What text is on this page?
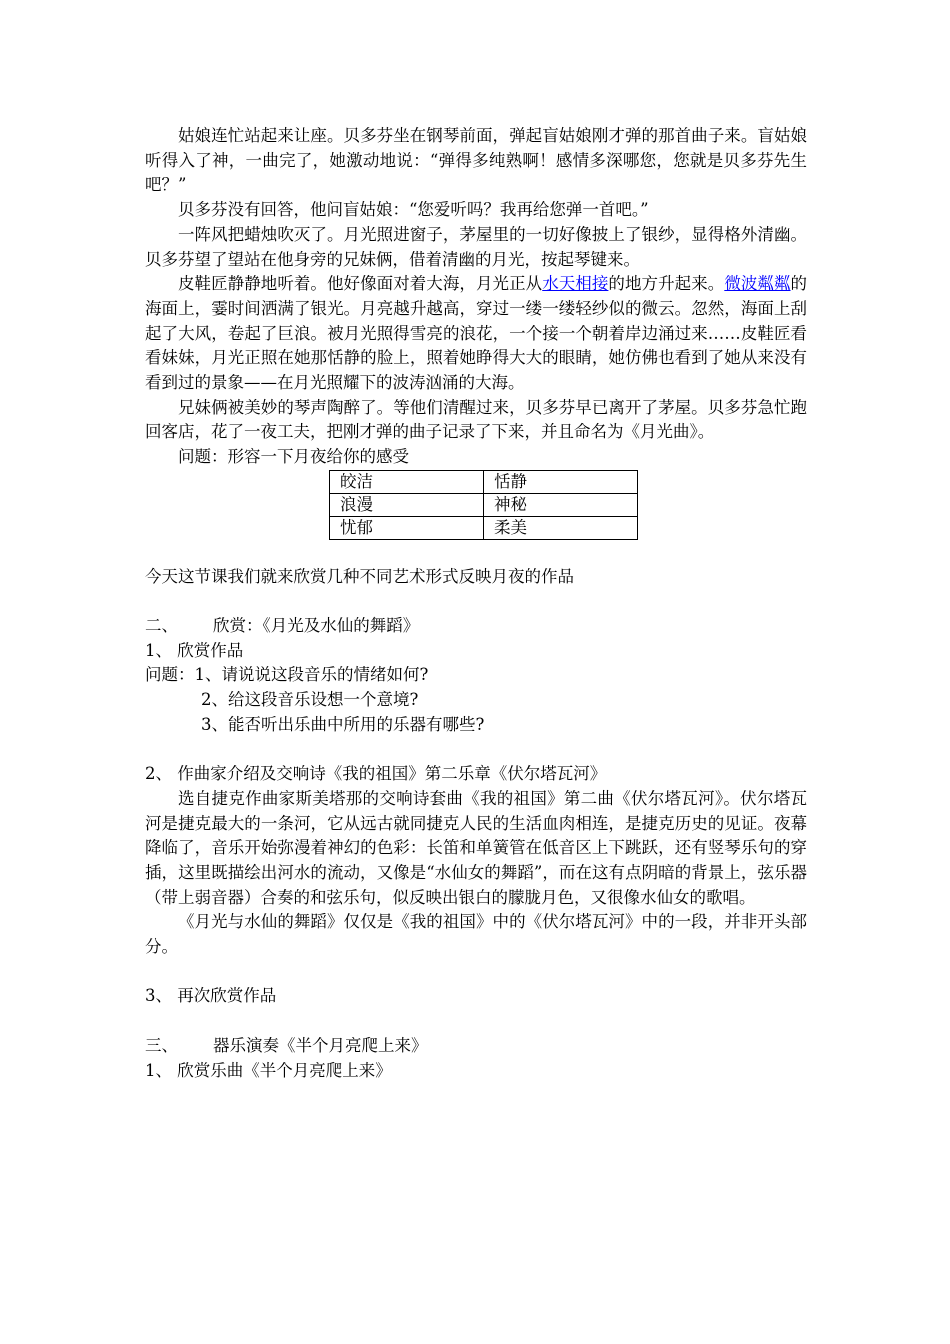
姑娘连忙站起来让座。贝多芬坐在钢琴前面，弹起盲姑娘刚才弹的那首曲子来。盲姑娘听得入了神，一曲完了，她激动地说：“弹得多纯熟啊！感情多深哪您，您就是贝多芬先生吧？”

贝多芬没有回答，他问盲姑娘：“您爱听吗？我再给您弹一首吧。”

一阵风把蜡烛吹灭了。月光照进窗子，茅屋里的一切好像披上了银纱，显得格外清幽。贝多芬望了望站在他身旁的兄妹俩，借着清幽的月光，按起琴键来。

皮鞋匠静静地听着。他好像面对着大海，月光正从水天相接的地方升起来。微波粼粼的海面上，霎时间洒满了银光。月亮越升越高，穿过一缕一缕轻纱似的微云。忽然，海面上刮起了大风，卷起了巨浪。被月光照得雪亮的浪花，一个接一个朝着岸边涌过来……皮鞋匠看看妹妹，月光正照在她那恬静的脸上，照着她睁得大大的眼睛，她仿佛也看到了她从来没有看到过的景象——在月光照耀下的波涛汹涌的大海。

兄妹俩被美妙的琴声陶醉了。等他们清醒过来，贝多芬早已离开了茅屋。贝多芬急忙跑回客店，花了一夜工夫，把刚才弹的曲子记录了下来，并且命名为《月光曲》。

问题：形容一下月夜给你的感受

皎洁	恬静
浪漫	神秘
忧郁	柔美

今天这节课我们就来欣赏几种不同艺术形式反映月夜的作品

二、 欣赏：《月光及水仙的舞蹈》

1、 欣赏作品

问题：1、请说说这段音乐的情绪如何?

2、给这段音乐设想一个意境?

3、能否听出乐曲中所用的乐器有哪些?

2、 作曲家介绍及交响诗《我的祖国》第二乐章《伏尔塔瓦河》

选自捷克作曲家斯美塔那的交响诗套曲《我的祖国》第二曲《伏尔塔瓦河》。伏尔塔瓦河是捷克最大的一条河，它从远古就同捷克人民的生活血肉相连，是捷克历史的见证。夜幕降临了，音乐开始弥漫着神幻的色彩：长笛和单簧管在低音区上下跳跃，还有竖琴乐句的穿插，这里既描绘出河水的流动，又像是“水仙女的舞蹈”，而在这有点阴暗的背景上，弦乐器（带上弱音器）合奏的和弦乐句，似反映出银白的朦胧月色，又很像水仙女的歌唱。

《月光与水仙的舞蹈》仅仅是《我的祖国》中的《伏尔塔瓦河》中的一段，并非开头部分。

3、 再次欣赏作品

三、 器乐演奏《半个月亮爬上来》

1、 欣赏乐曲《半个月亮爬上来》
